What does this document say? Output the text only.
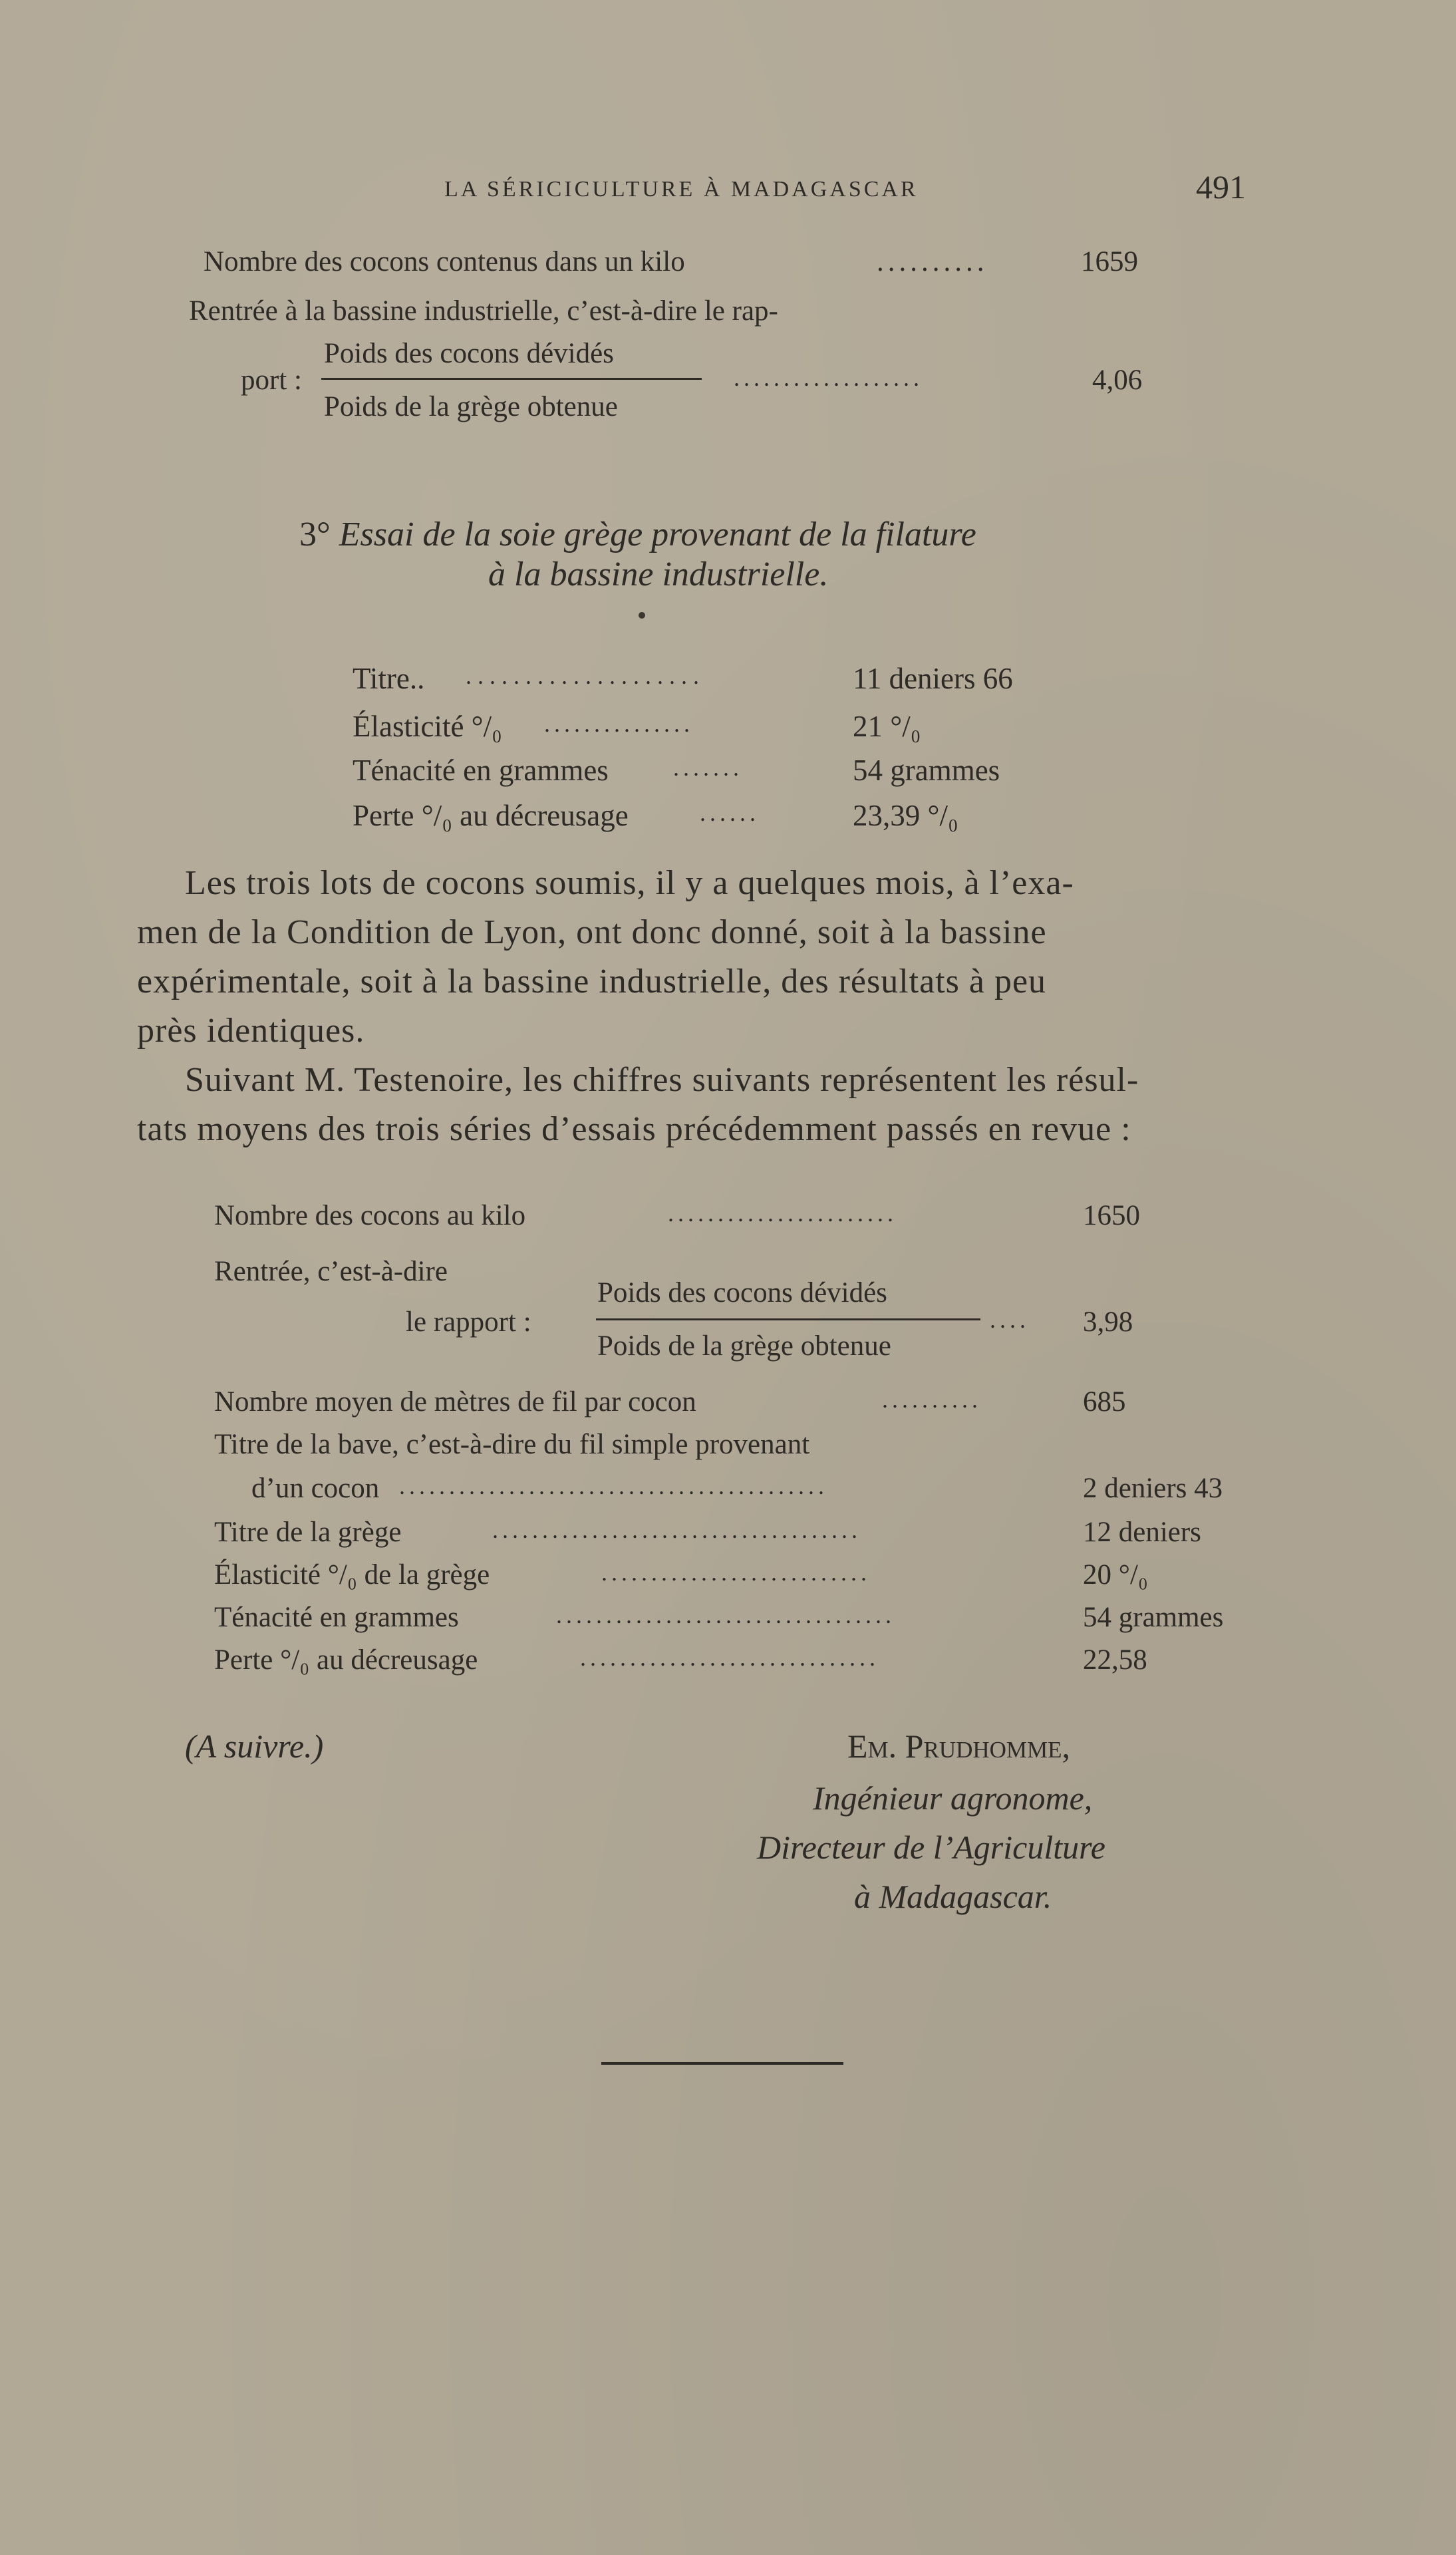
LA SÉRICICULTURE À MADAGASCAR	491
Nombre des cocons contenus dans un kilo	..........	1659
Rentrée à la bassine industrielle, c’est-à-dire le rap-
Poids des cocons dévidés
port :
Poids de la grège obtenue
...................	4,06
3° Essai de la soie grège provenant de la filature
à la bassine industrielle.
Titre.. . . . . . . . . . . . . . . . . . . . .	11 deniers 66
Élasticité °/₀ ...............	21 °/₀
Ténacité en grammes	.......	54 grammes
Perte °/₀ au décreusage	......	23,39 °/₀
Les trois lots de cocons soumis, il y a quelques mois, à l’exa-
men de la Condition de Lyon, ont donc donné, soit à la bassine
expérimentale, soit à la bassine industrielle, des résultats à peu
près identiques.
Suivant M. Testenoire, les chiffres suivants représentent les résul-
tats moyens des trois séries d’essais précédemment passés en revue :
Nombre des cocons au kilo	.......................	1650
Rentrée, c’est-à-dire
le rapport :
Poids des cocons dévidés
Poids de la grège obtenue
.... 3,98
Nombre moyen de mètres de fil par cocon	..........	685
Titre de la bave, c’est-à-dire du fil simple provenant
d’un cocon ...........................................	2 deniers 43
Titre de la grège	.....................................	12 deniers
Élasticité °/₀ de la grège	...........................	20 °/₀
Ténacité en grammes	..................................	54 grammes
Perte °/₀ au décreusage	..............................	22,58
(A suivre.)	Em. Prudhomme,
Ingénieur agronome,
Directeur de l’Agriculture
à Madagascar.
